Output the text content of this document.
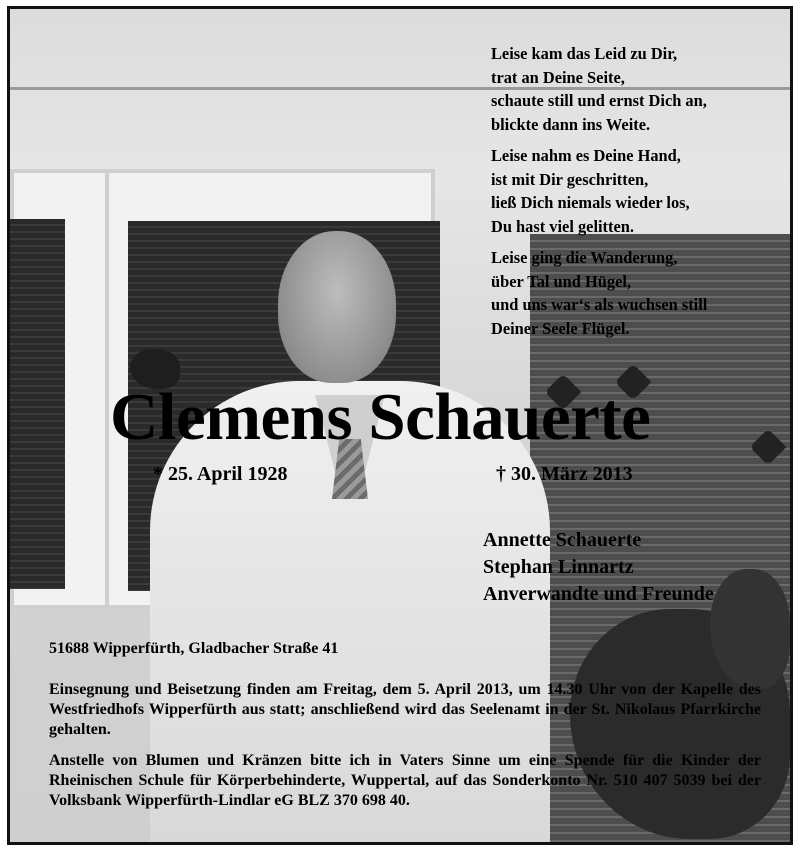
Leise kam das Leid zu Dir,
trat an Deine Seite,
schaute still und ernst Dich an,
blickte dann ins Weite.
Leise nahm es Deine Hand,
ist mit Dir geschritten,
ließ Dich niemals wieder los,
Du hast viel gelitten.
Leise ging die Wanderung,
über Tal und Hügel,
und uns war‘s als wuchsen still
Deiner Seele Flügel.
Clemens Schauerte
* 25. April 1928	† 30. März 2013
Annette Schauerte
Stephan Linnartz
Anverwandte und Freunde
51688 Wipperfürth, Gladbacher Straße 41
Einsegnung und Beisetzung finden am Freitag, dem 5. April 2013, um 14.30 Uhr von der Kapelle des Westfriedhofs Wipperfürth aus statt; anschließend wird das Seelenamt in der St. Nikolaus Pfarrkirche gehalten.
Anstelle von Blumen und Kränzen bitte ich in Vaters Sinne um eine Spende für die Kinder der Rheinischen Schule für Körperbehinderte, Wuppertal, auf das Sonderkonto Nr. 510 407 5039 bei der Volksbank Wipperfürth-Lindlar eG BLZ 370 698 40.
